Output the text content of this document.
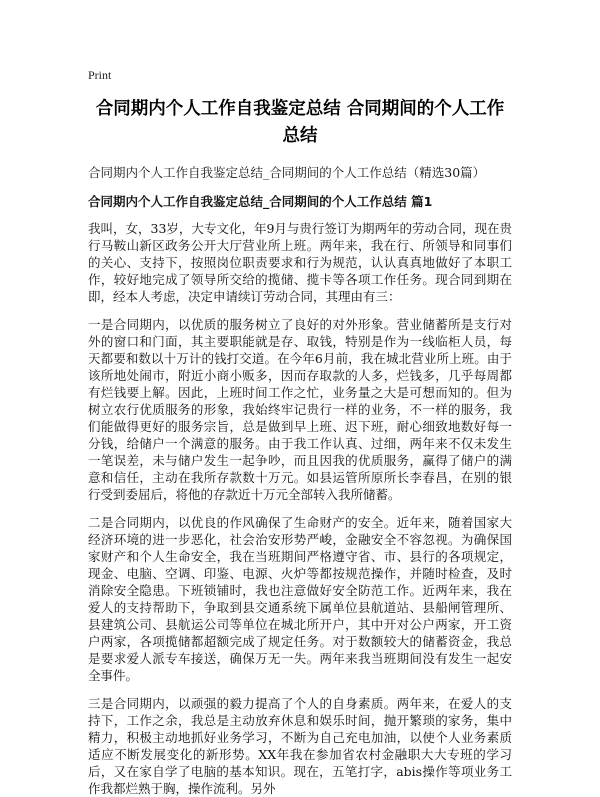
Print
合同期内个人工作自我鉴定总结 合同期间的个人工作总结

合同期内个人工作自我鉴定总结_合同期间的个人工作总结（精选30篇）

合同期内个人工作自我鉴定总结_合同期间的个人工作总结 篇1

我叫，女，33岁，大专文化，年9月与贵行签订为期两年的劳动合同，现在贵行马鞍山新区政务公开大厅营业所上班。两年来，我在行、所领导和同事们的关心、支持下，按照岗位职责要求和行为规范，认认真真地做好了本职工作，较好地完成了领导所交给的揽储、揽卡等各项工作任务。现合同到期在即，经本人考虑，决定申请续订劳动合同，其理由有三：

一是合同期内，以优质的服务树立了良好的对外形象。营业储蓄所是支行对外的窗口和门面，其主要职能就是存、取钱，特别是作为一线临柜人员，每天都要和数以十万计的钱打交道。在今年6月前，我在城北营业所上班。由于该所地处闹市，附近小商小贩多，因而存取款的人多，烂钱多，几乎每周都有烂钱要上解。因此，上班时间工作之忙，业务量之大是可想而知的。但为树立农行优质服务的形象，我始终牢记贵行一样的业务，不一样的服务，我们能做得更好的服务宗旨，总是做到早上班、迟下班，耐心细致地数好每一分钱，给储户一个满意的服务。由于我工作认真、过细，两年来不仅未发生一笔误差，未与储户发生一起争吵，而且因我的优质服务，赢得了储户的满意和信任，主动在我所存款数十万元。如县运管所原所长李春昌，在别的银行受到委屈后，将他的存款近十万元全部转入我所储蓄。

二是合同期内，以优良的作风确保了生命财产的安全。近年来，随着国家大经济环境的进一步恶化，社会治安形势严峻，金融安全不容忽视。为确保国家财产和个人生命安全，我在当班期间严格遵守省、市、县行的各项规定，现金、电脑、空调、印鉴、电源、火炉等都按规范操作，并随时检查，及时消除安全隐患。下班锁铺时，我也注意做好安全防范工作。近两年来，我在爱人的支持帮助下，争取到县交通系统下属单位县航道站、县船闸管理所、县建筑公司、县航运公司等单位在城北所开户，其中开对公户两家，开工资户两家，各项揽储都超额完成了规定任务。对于数额较大的储蓄资金，我总是要求爱人派专车接送，确保万无一失。两年来我当班期间没有发生一起安全事件。

三是合同期内，以顽强的毅力提高了个人的自身素质。两年来，在爱人的支持下，工作之余，我总是主动放弃休息和娱乐时间，抛开繁琐的家务，集中精力，积极主动地抓好业务学习，不断为自己充电加油，以使个人业务素质适应不断发展变化的新形势。XX年我在参加省农村金融职大大专班的学习后，又在家自学了电脑的基本知识。现在，五笔打字，abis操作等项业务工作我都烂熟于胸，操作流利。另外
